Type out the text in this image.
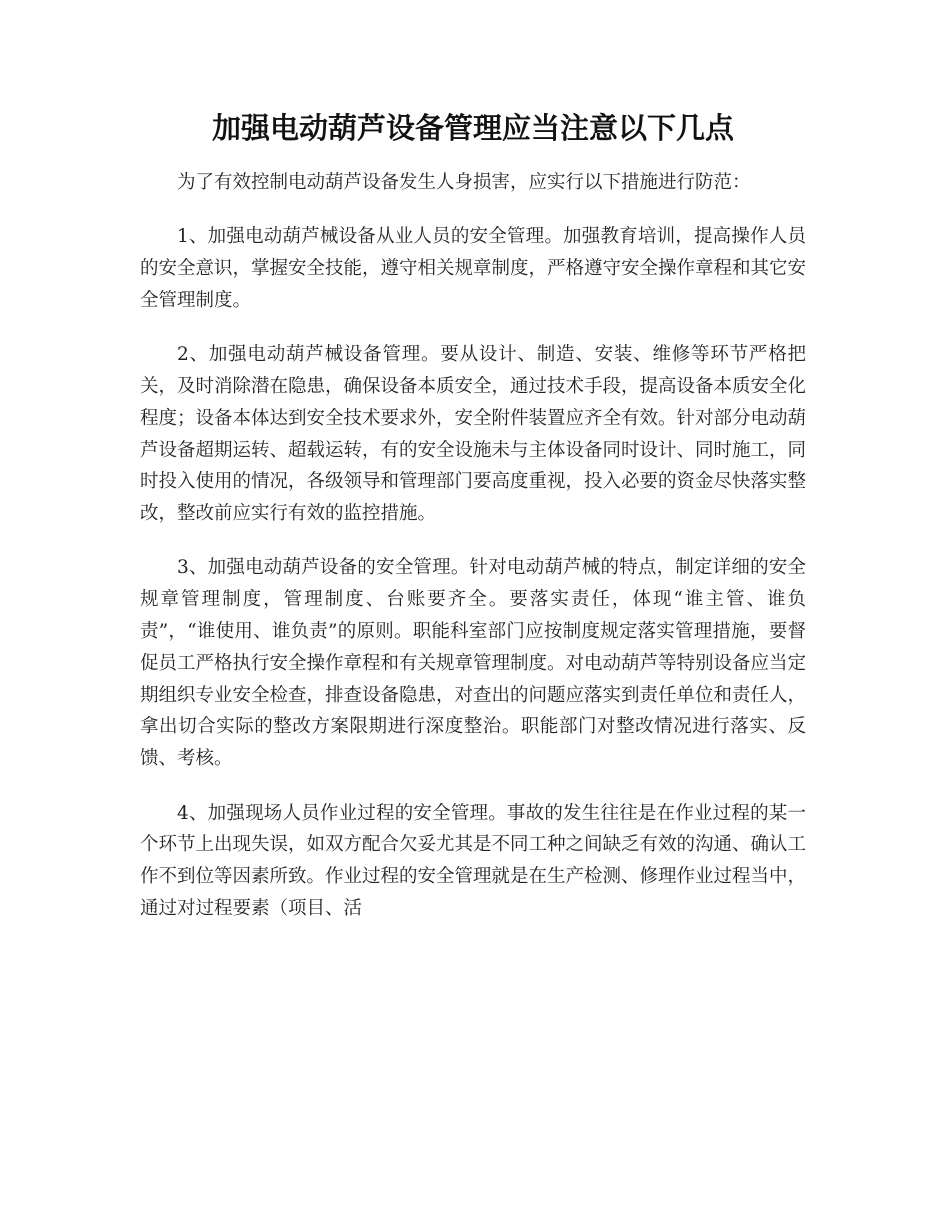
加强电动葫芦设备管理应当注意以下几点

为了有效控制电动葫芦设备发生人身损害，应实行以下措施进行防范：

1、加强电动葫芦械设备从业人员的安全管理。加强教育培训，提高操作人员的安全意识，掌握安全技能，遵守相关规章制度，严格遵守安全操作章程和其它安全管理制度。

2、加强电动葫芦械设备管理。要从设计、制造、安装、维修等环节严格把关，及时消除潜在隐患，确保设备本质安全，通过技术手段，提高设备本质安全化程度；设备本体达到安全技术要求外，安全附件装置应齐全有效。针对部分电动葫芦设备超期运转、超载运转，有的安全设施未与主体设备同时设计、同时施工，同时投入使用的情况，各级领导和管理部门要高度重视，投入必要的资金尽快落实整改，整改前应实行有效的监控措施。

3、加强电动葫芦设备的安全管理。针对电动葫芦械的特点，制定详细的安全规章管理制度，管理制度、台账要齐全。要落实责任，体现“谁主管、谁负责”，“谁使用、谁负责”的原则。职能科室部门应按制度规定落实管理措施，要督促员工严格执行安全操作章程和有关规章管理制度。对电动葫芦等特别设备应当定期组织专业安全检查，排查设备隐患，对查出的问题应落实到责任单位和责任人，拿出切合实际的整改方案限期进行深度整治。职能部门对整改情况进行落实、反馈、考核。

4、加强现场人员作业过程的安全管理。事故的发生往往是在作业过程的某一个环节上出现失误，如双方配合欠妥尤其是不同工种之间缺乏有效的沟通、确认工作不到位等因素所致。作业过程的安全管理就是在生产检测、修理作业过程当中，通过对过程要素（项目、活
